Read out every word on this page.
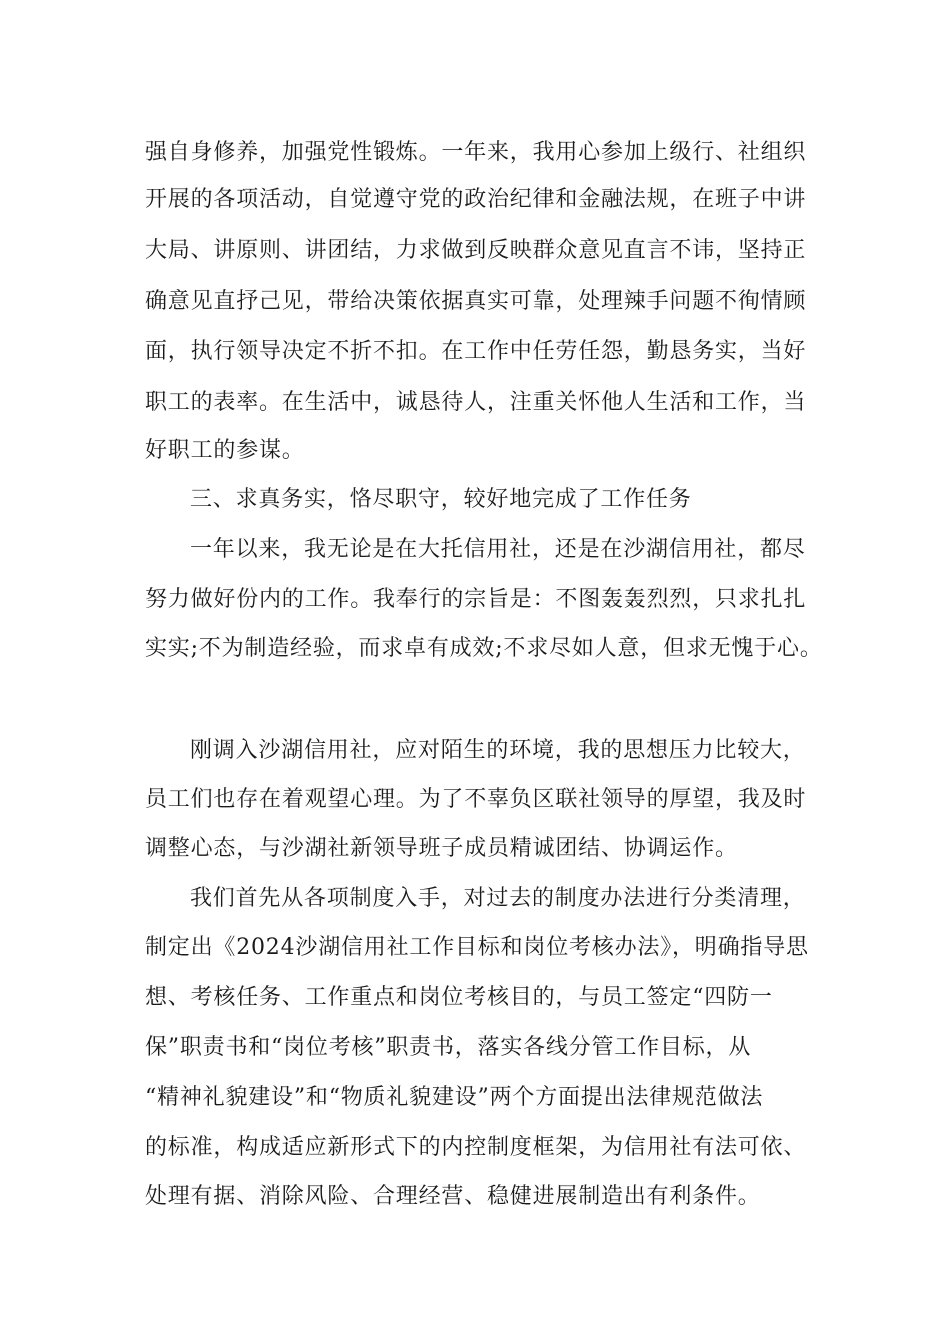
强自身修养，加强党性锻炼。一年来，我用心参加上级行、社组织

开展的各项活动，自觉遵守党的政治纪律和金融法规，在班子中讲

大局、讲原则、讲团结，力求做到反映群众意见直言不讳，坚持正

确意见直抒己见，带给决策依据真实可靠，处理辣手问题不徇情顾

面，执行领导决定不折不扣。在工作中任劳任怨，勤恳务实，当好

职工的表率。在生活中，诚恳待人，注重关怀他人生活和工作，当

好职工的参谋。

三、求真务实，恪尽职守，较好地完成了工作任务

一年以来，我无论是在大托信用社，还是在沙湖信用社，都尽

努力做好份内的工作。我奉行的宗旨是：不图轰轰烈烈，只求扎扎

实实;不为制造经验，而求卓有成效;不求尽如人意，但求无愧于心。

刚调入沙湖信用社，应对陌生的环境，我的思想压力比较大，

员工们也存在着观望心理。为了不辜负区联社领导的厚望，我及时

调整心态，与沙湖社新领导班子成员精诚团结、协调运作。

我们首先从各项制度入手，对过去的制度办法进行分类清理，

制定出《2024沙湖信用社工作目标和岗位考核办法》，明确指导思

想、考核任务、工作重点和岗位考核目的，与员工签定“四防一

保”职责书和“岗位考核”职责书，落实各线分管工作目标，从

“精神礼貌建设”和“物质礼貌建设”两个方面提出法律规范做法

的标准，构成适应新形式下的内控制度框架，为信用社有法可依、

处理有据、消除风险、合理经营、稳健进展制造出有利条件。
